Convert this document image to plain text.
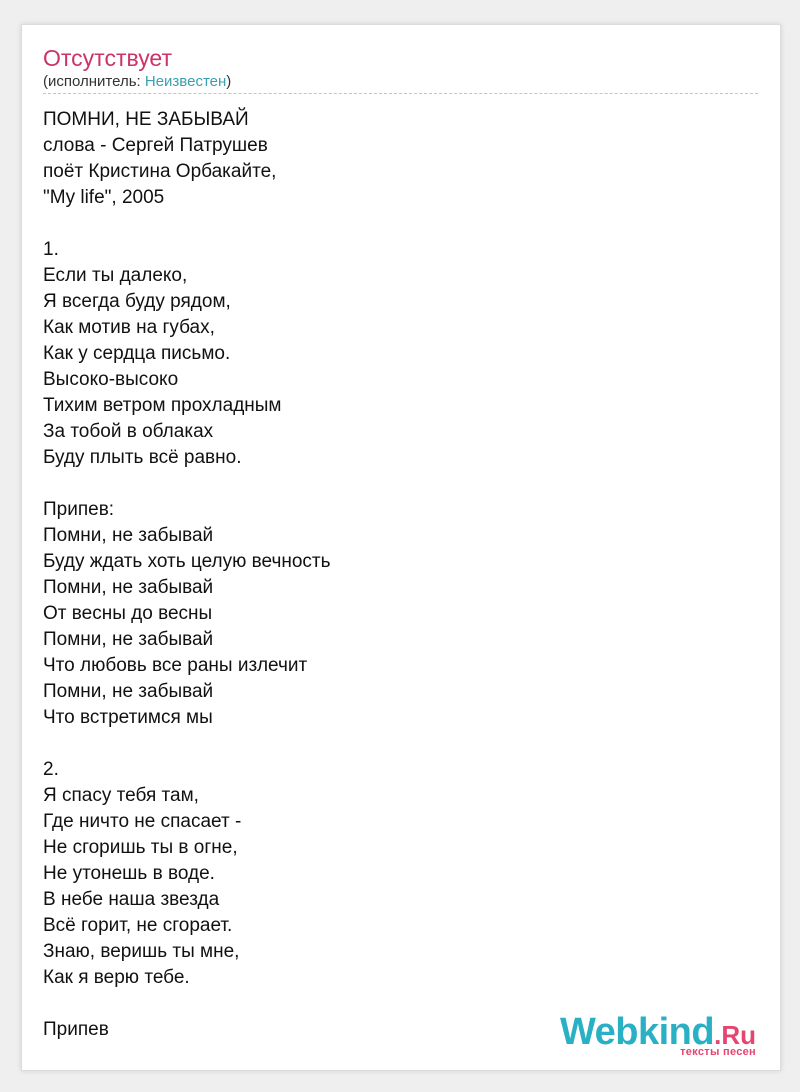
Отсутствует
(исполнитель: Неизвестен)
ПОМНИ, НЕ ЗАБЫВАЙ
слова - Сергей Патрушев
поёт Кристина Орбакайте,
"My life", 2005

1.
Если ты далеко,
Я всегда буду рядом,
Как мотив на губах,
Как у сердца письмо.
Высоко-высоко
Тихим ветром прохладным
За тобой в облаках
Буду плыть всё равно.

Припев:
Помни, не забывай
Буду ждать хоть целую вечность
Помни, не забывай
От весны до весны
Помни, не забывай
Что любовь все раны излечит
Помни, не забывай
Что встретимся мы

2.
Я спасу тебя там,
Где ничто не спасает -
Не сгоришь ты в огне,
Не утонешь в воде.
В небе наша звезда
Всё горит, не сгорает.
Знаю, веришь ты мне,
Как я верю тебе.

Припев	Webkind.Ru
тексты песен
